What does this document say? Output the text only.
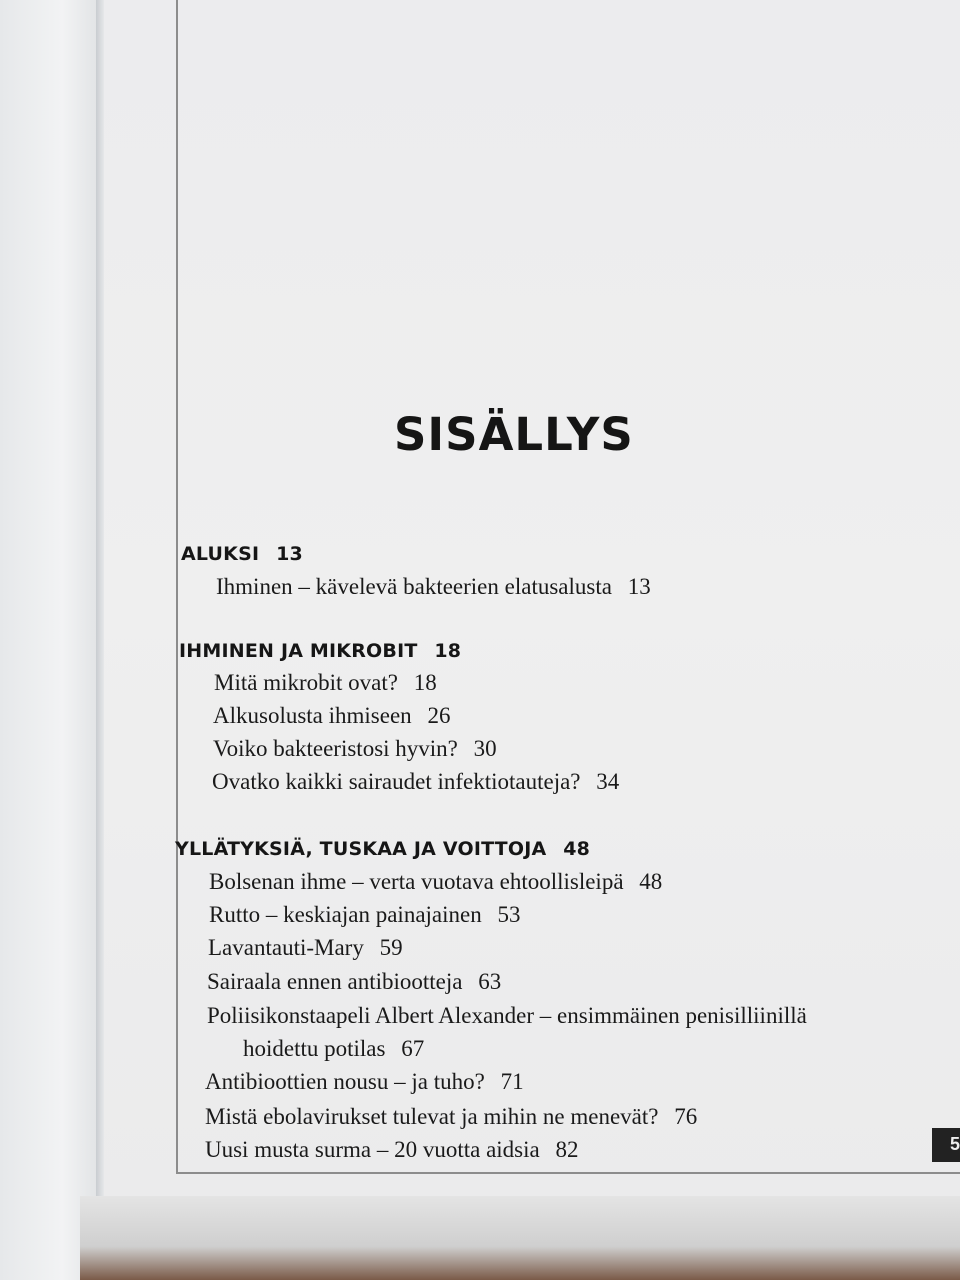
5
SISÄLLYS

ALUKSI 13

Ihminen – kävelevä bakteerien elatusalusta 13

IHMINEN JA MIKROBIT 18

Mitä mikrobit ovat? 18

Alkusolusta ihmiseen 26

Voiko bakteeristosi hyvin? 30

Ovatko kaikki sairaudet infektiotauteja? 34

YLLÄTYKSIÄ, TUSKAA JA VOITTOJA 48

Bolsenan ihme – verta vuotava ehtoollisleipä 48

Rutto – keskiajan painajainen 53

Lavantauti-Mary 59

Sairaala ennen antibiootteja 63

Poliisikonstaapeli Albert Alexander – ensimmäinen penisilliinillä

hoidettu potilas 67

Antibioottien nousu – ja tuho? 71

Mistä ebolavirukset tulevat ja mihin ne menevät? 76

Uusi musta surma – 20 vuotta aidsia 82
